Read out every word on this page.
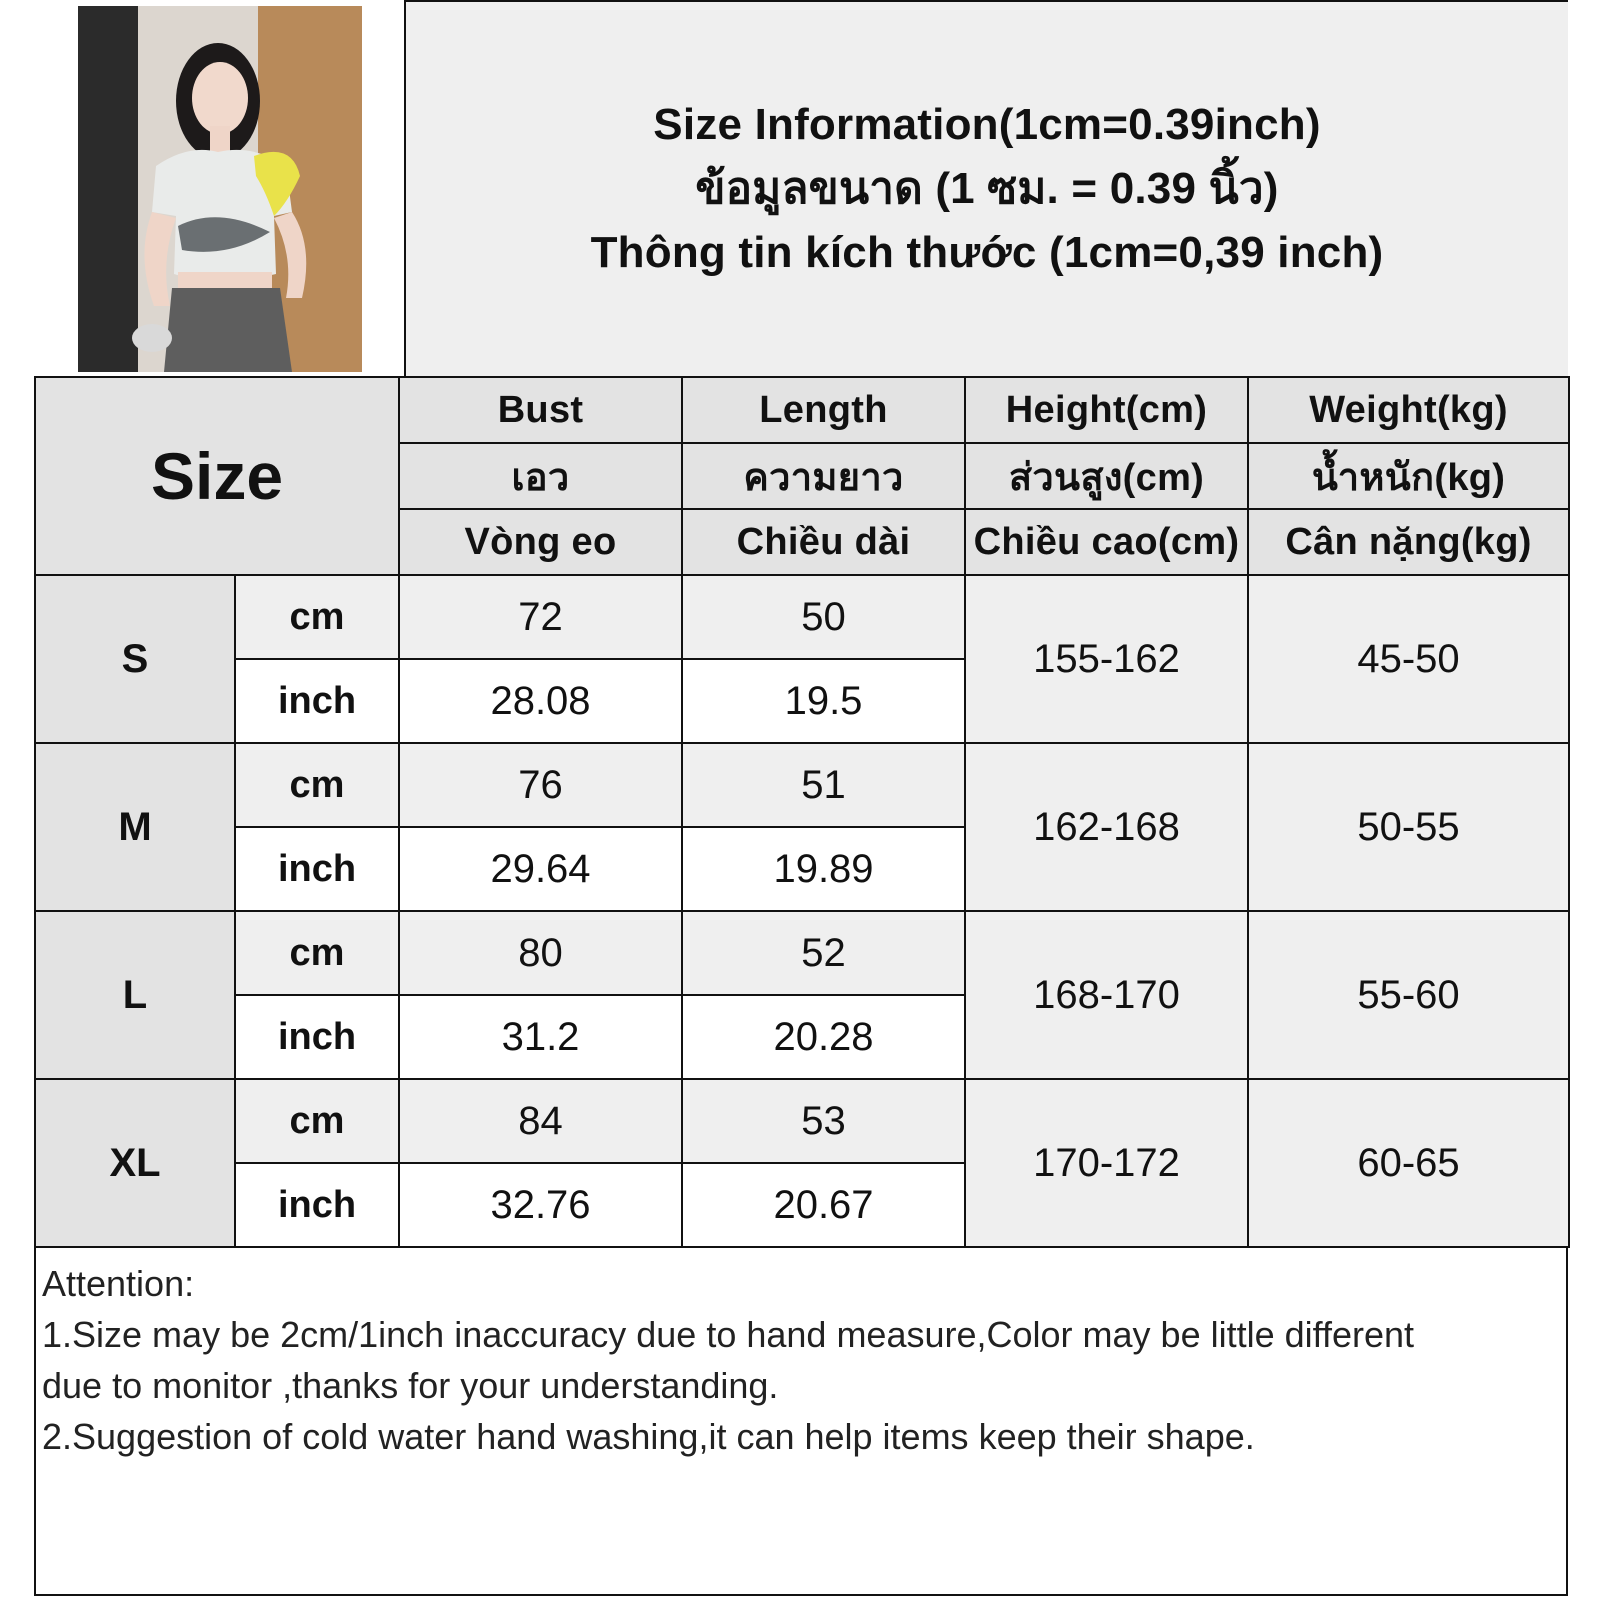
Size Information(1cm=0.39inch)
ข้อมูลขนาด (1 ซม. = 0.39 นิ้ว)
Thông tin kích thước (1cm=0,39 inch)
Size		Bust	Length	Height(cm)	Weight(kg)
		เอว	ความยาว	ส่วนสูง(cm)	น้ำหนัก(kg)
		Vòng eo	Chiều dài	Chiều cao(cm)	Cân nặng(kg)
S	cm	72	50	155-162	45-50
	inch	28.08	19.5		
M	cm	76	51	162-168	50-55
	inch	29.64	19.89		
L	cm	80	52	168-170	55-60
	inch	31.2	20.28		
XL	cm	84	53	170-172	60-65
	inch	32.76	20.67		
Attention:
1.Size may be 2cm/1inch inaccuracy due to hand measure,Color may be little different
due to monitor ,thanks for your understanding.
2.Suggestion of cold water hand washing,it can help items keep their shape.
